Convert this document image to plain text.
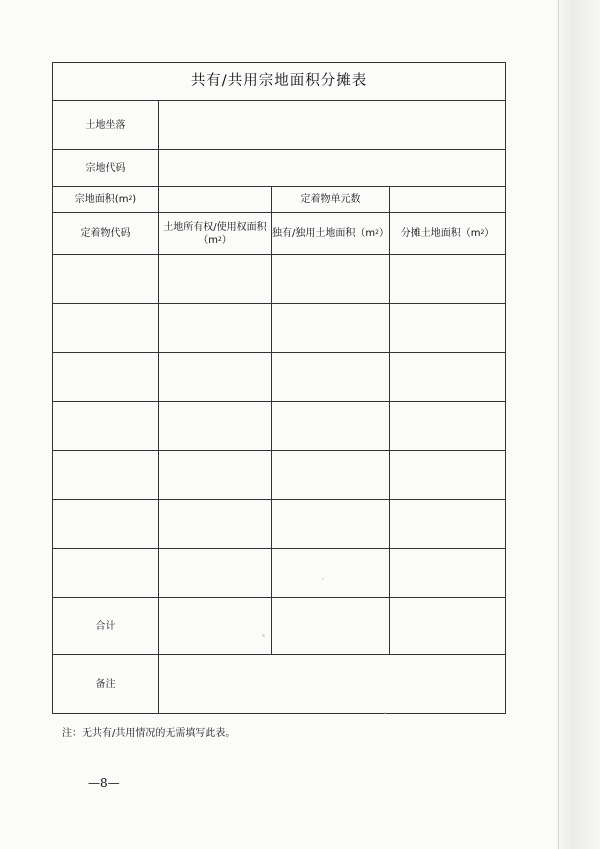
共有/共用宗地面积分摊表			
土地坐落			
宗地代码			
宗地面积$(m^2)$		定着物单元数	
定着物代码	土地所有权/使用权面积$(m^2)$	独有/独用土地面积$(m^2)$	分摊土地面积$(m^2)$

合计			
备注			
注：无共有/共用情况的无需填写此表。
—8—
